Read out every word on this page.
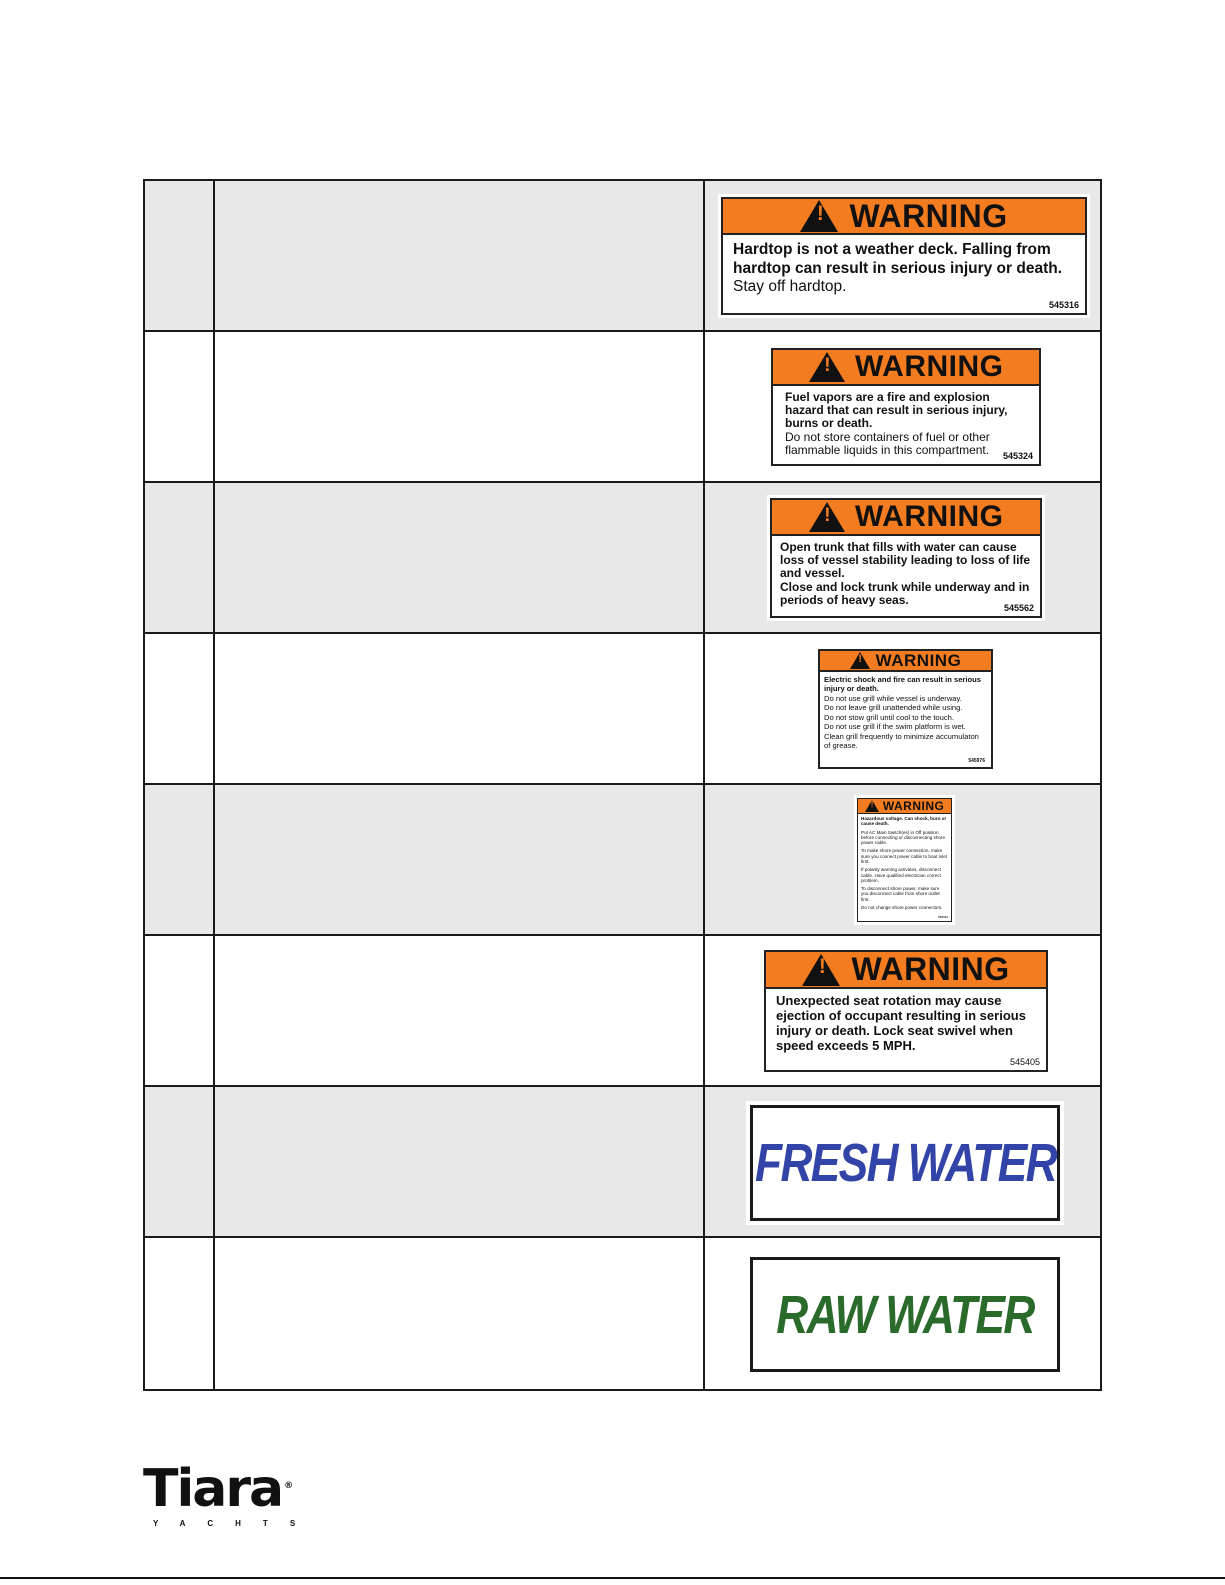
!
WARNING
Hardtop is not a weather deck. Falling from hardtop can result in serious injury or death.
Stay off hardtop.
545316
!
WARNING
Fuel vapors are a fire and explosion hazard that can result in serious injury, burns or death.
Do not store containers of fuel or other flammable liquids in this compartment.	545324
!
WARNING
Open trunk that fills with water can cause loss of vessel stability leading to loss of life and vessel.
Close and lock trunk while underway and in periods of heavy seas.
545562
!
WARNING
Electric shock and fire can result in serious injury or death.
Do not use grill while vessel is underway.
Do not leave grill unattended while using.
Do not stow grill until cool to the touch.
Do not use grill if the swim platform is wet.
Clean grill frequently to minimize accumulaton of grease.
545976
!
WARNING
Hazardous voltage. Can shock, burn or cause death.
Put AC Main Switch(es) in Off position before connecting or disconnecting shore power cable.
To make shore power connection, make sure you connect power cable to boat inlet first.
If polarity warning activates, disconnect cable. Have qualified electrician correct problem.
To disconnect shore power, make sure you disconnect cable from shore outlet first.
Do not change shore power connectors.
545112
!
WARNING
Unexpected seat rotation may cause ejection of occupant resulting in serious injury or death. Lock seat swivel when speed exceeds 5 MPH.
545405
FRESH WATER
RAW WATER
Tiara ®
YACHTS
